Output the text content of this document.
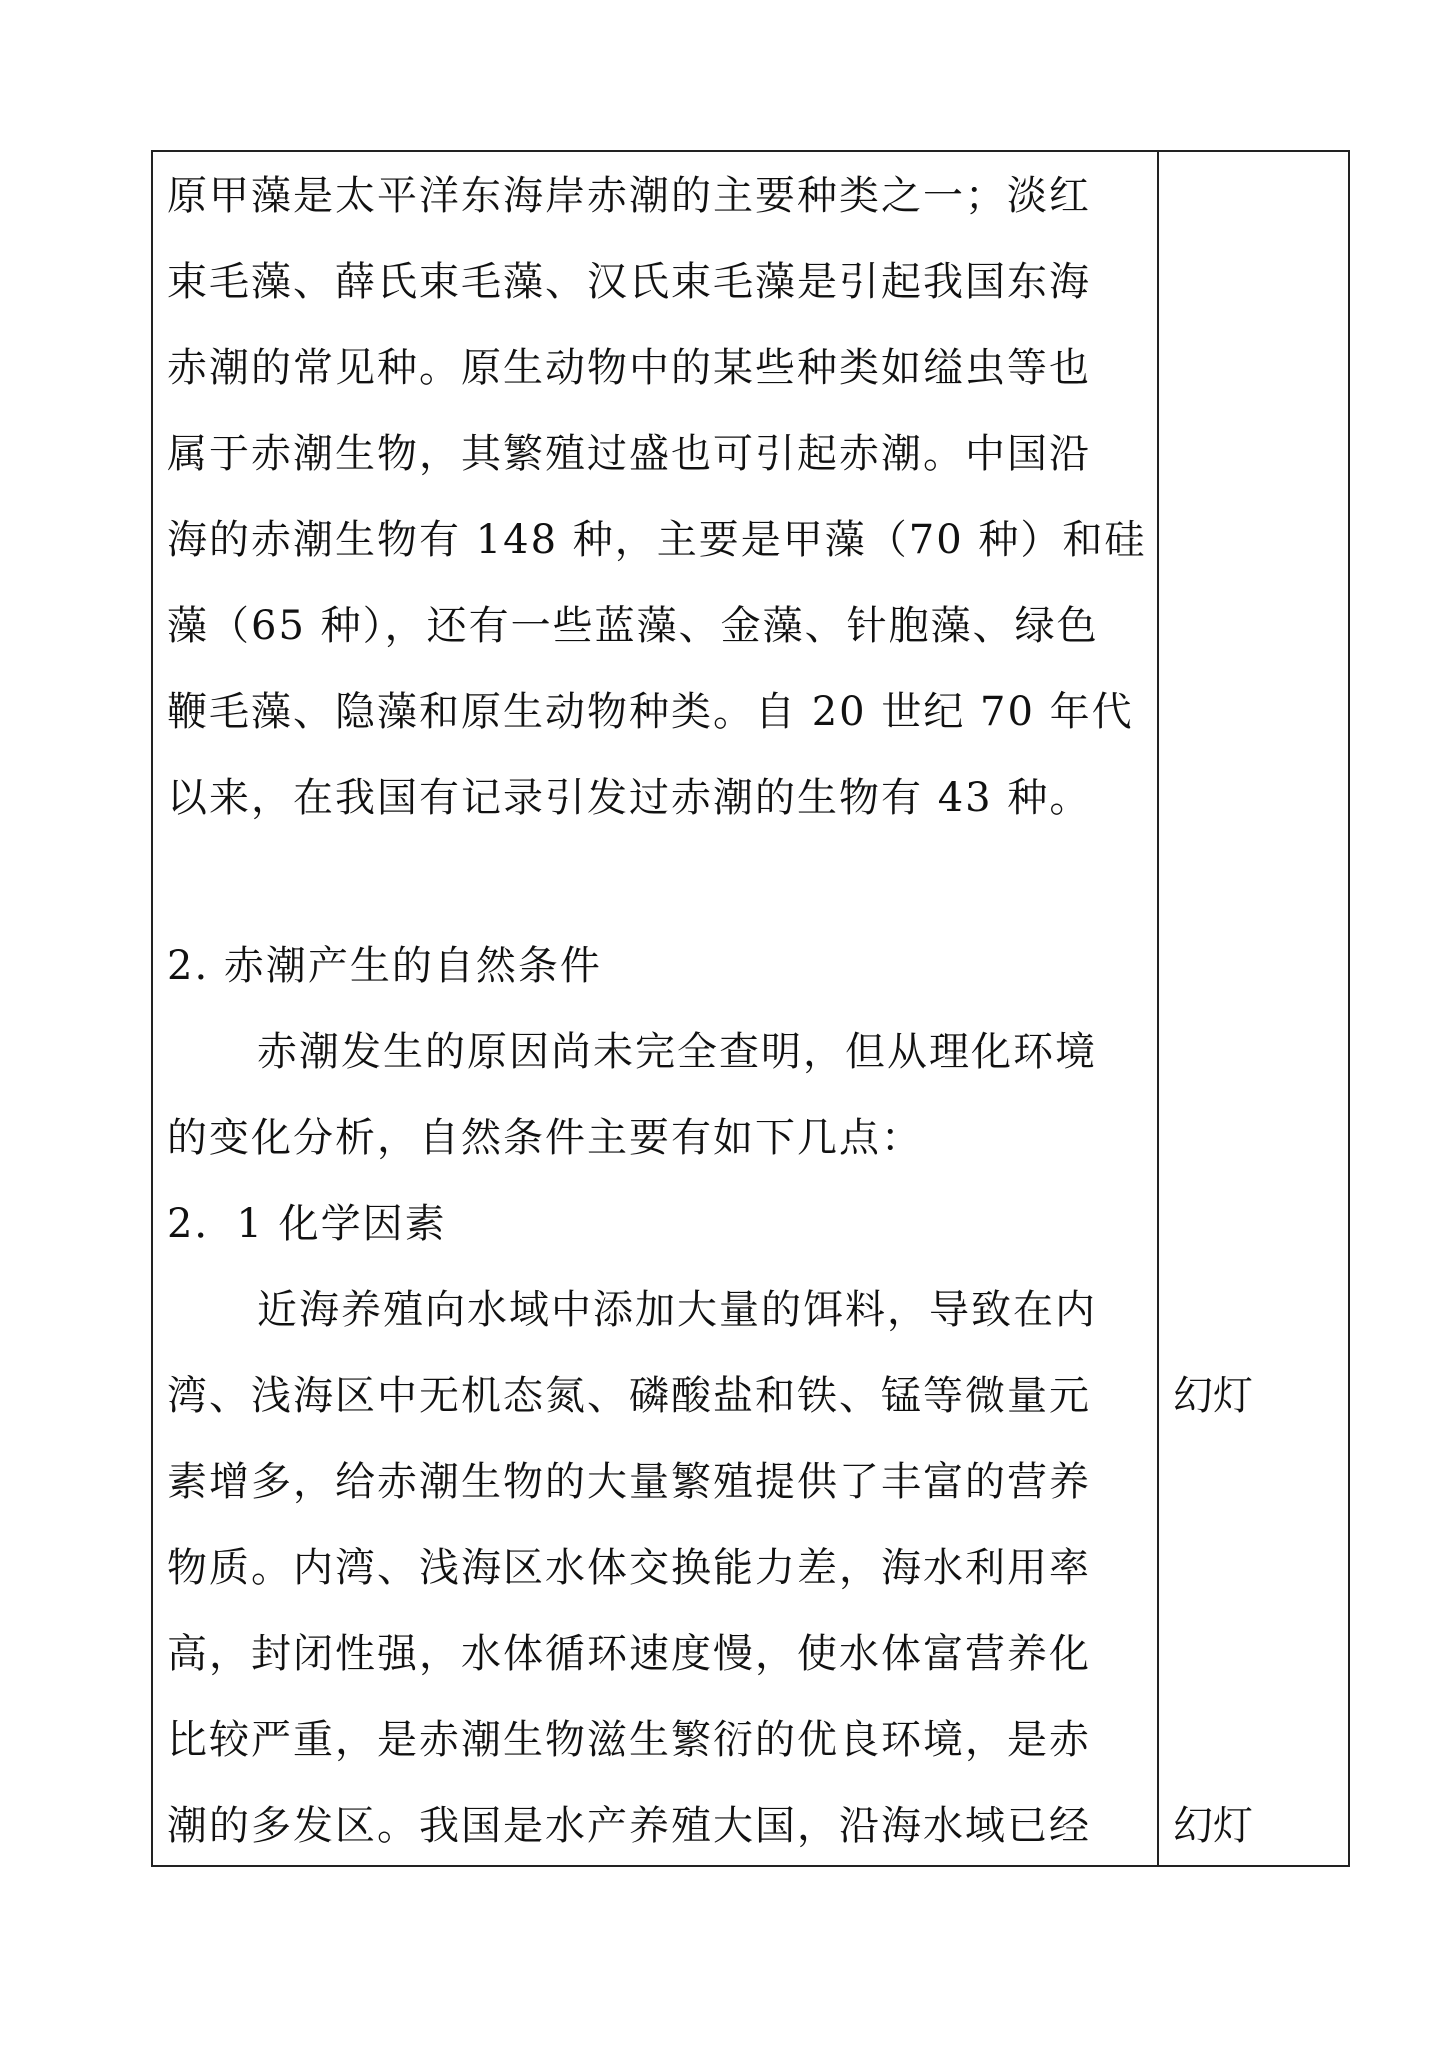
原甲藻是太平洋东海岸赤潮的主要种类之一；淡红
束毛藻、薛氏束毛藻、汉氏束毛藻是引起我国东海
赤潮的常见种。原生动物中的某些种类如缢虫等也
属于赤潮生物，其繁殖过盛也可引起赤潮。中国沿
海的赤潮生物有 148 种，主要是甲藻（70 种）和硅
藻（65 种），还有一些蓝藻、金藻、针胞藻、绿色
鞭毛藻、隐藻和原生动物种类。自 20 世纪 70 年代
以来，在我国有记录引发过赤潮的生物有 43 种。
2. 赤潮产生的自然条件
赤潮发生的原因尚未完全查明，但从理化环境
的变化分析，自然条件主要有如下几点：
2．1 化学因素
近海养殖向水域中添加大量的饵料，导致在内
湾、浅海区中无机态氮、磷酸盐和铁、锰等微量元
素增多，给赤潮生物的大量繁殖提供了丰富的营养
物质。内湾、浅海区水体交换能力差，海水利用率
高，封闭性强，水体循环速度慢，使水体富营养化
比较严重，是赤潮生物滋生繁衍的优良环境，是赤
潮的多发区。我国是水产养殖大国，沿海水域已经
幻灯
幻灯
